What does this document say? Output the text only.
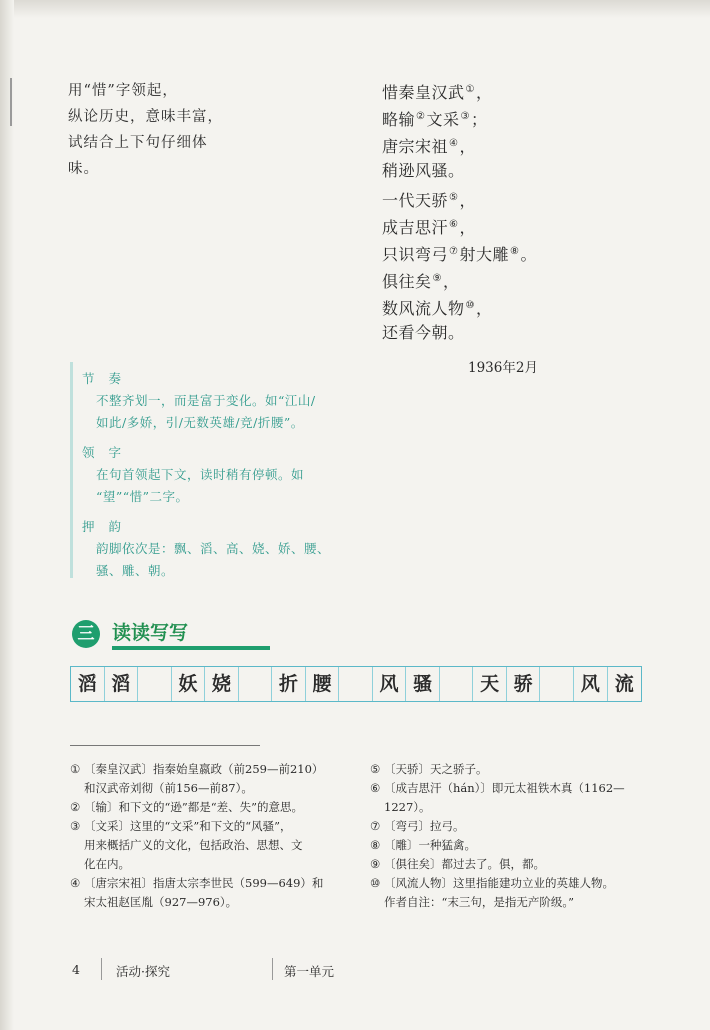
用“惜”字领起，

纵论历史，意味丰富，

试结合上下句仔细体

味。

惜秦皇汉武①，
略输②文采③；
唐宗宋祖④，
稍逊风骚。
一代天骄⑤，
成吉思汗⑥，
只识弯弓⑦射大雕⑧。
俱往矣⑨，
数风流人物⑩，
还看今朝。
1936年2月
节 奏
不整齐划一，而是富于变化。如“江山/
如此/多娇，引/无数英雄/竞/折腰”。
领 字
在句首领起下文，读时稍有停顿。如
“望”“惜”二字。
押 韵
韵脚依次是：飘、滔、高、娆、娇、腰、
骚、雕、朝。
三 读读写写
滔 滔	妖 娆	折 腰	风 骚	天 骄	风 流
① 〔秦皇汉武〕指秦始皇嬴政（前259—前210）
和汉武帝刘彻（前156—前87）。
② 〔输〕和下文的“逊”都是“差、失”的意思。
③ 〔文采〕这里的“文采”和下文的“风骚”，
用来概括广义的文化，包括政治、思想、文
化在内。
④ 〔唐宗宋祖〕指唐太宗李世民（599—649）和
宋太祖赵匡胤（927—976）。
⑤ 〔天骄〕天之骄子。
⑥ 〔成吉思汗（hán）〕即元太祖铁木真（1162—
1227）。
⑦ 〔弯弓〕拉弓。
⑧ 〔雕〕一种猛禽。
⑨ 〔俱往矣〕都过去了。俱，都。
⑩ 〔风流人物〕这里指能建功立业的英雄人物。
作者自注：“末三句，是指无产阶级。”
4	活动·探究	第一单元
